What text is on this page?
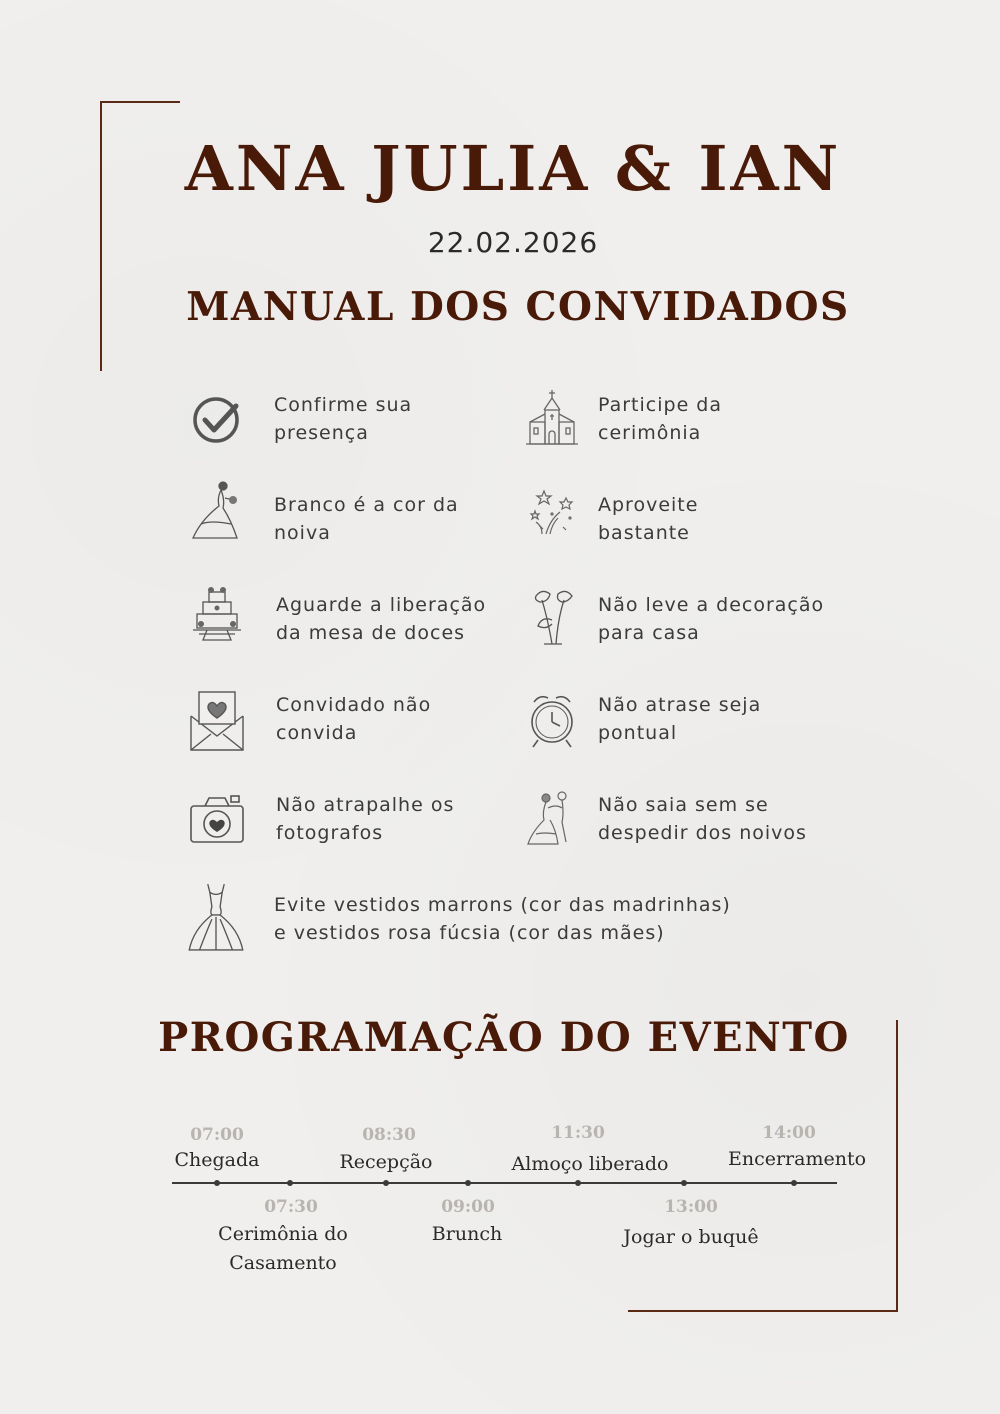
ANA JULIA & IAN
22.02.2026
MANUAL DOS CONVIDADOS
Confirme sua
presença
Participe da
cerimônia
Branco é a cor da
noiva
Aproveite
bastante
Aguarde a liberação
da mesa de doces
Não leve a decoração
para casa
Convidado não
convida
Não atrase seja
pontual
Não atrapalhe os
fotografos
Não saia sem se
despedir dos noivos
Evite vestidos marrons (cor das madrinhas)
e vestidos rosa fúcsia (cor das mães)
PROGRAMAÇÃO DO EVENTO
07:00
Chegada
07:30
Cerimônia do
Casamento
08:30
Recepção
09:00
Brunch
11:30
Almoço liberado
13:00
Jogar o buquê
14:00
Encerramento
